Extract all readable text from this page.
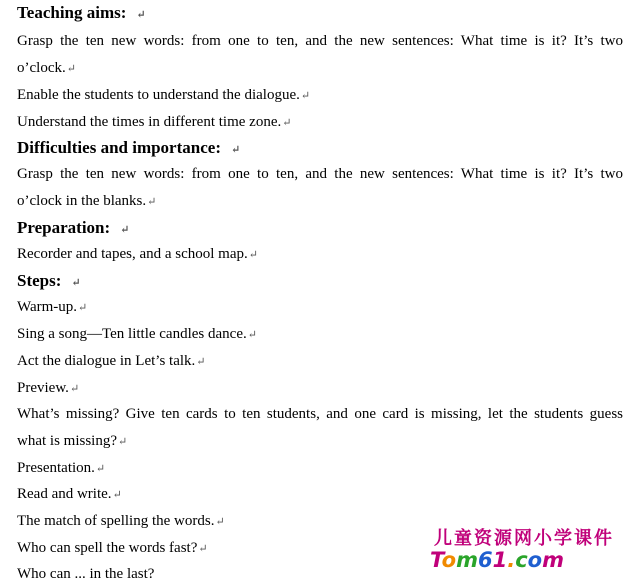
Teaching aims: ↵
Grasp the ten new words: from one to ten, and the new sentences: What time is it? It’s two
o’clock.↵
Enable the students to understand the dialogue.↵
Understand the times in different time zone.↵
Difficulties and importance: ↵
Grasp the ten new words: from one to ten, and the new sentences: What time is it? It’s two
o’clock in the blanks.↵
Preparation: ↵
Recorder and tapes, and a school map.↵
Steps: ↵
Warm-up.↵
Sing a song—Ten little candles dance.↵
Act the dialogue in Let’s talk.↵
Preview.↵
What’s missing? Give ten cards to ten students, and one card is missing, let the students guess
what is missing?↵
Presentation.↵
Read and write.↵
The match of spelling the words.↵
Who can spell the words fast?↵
Who can ... in the last?
儿童资源网小学课件
Tom61.com
